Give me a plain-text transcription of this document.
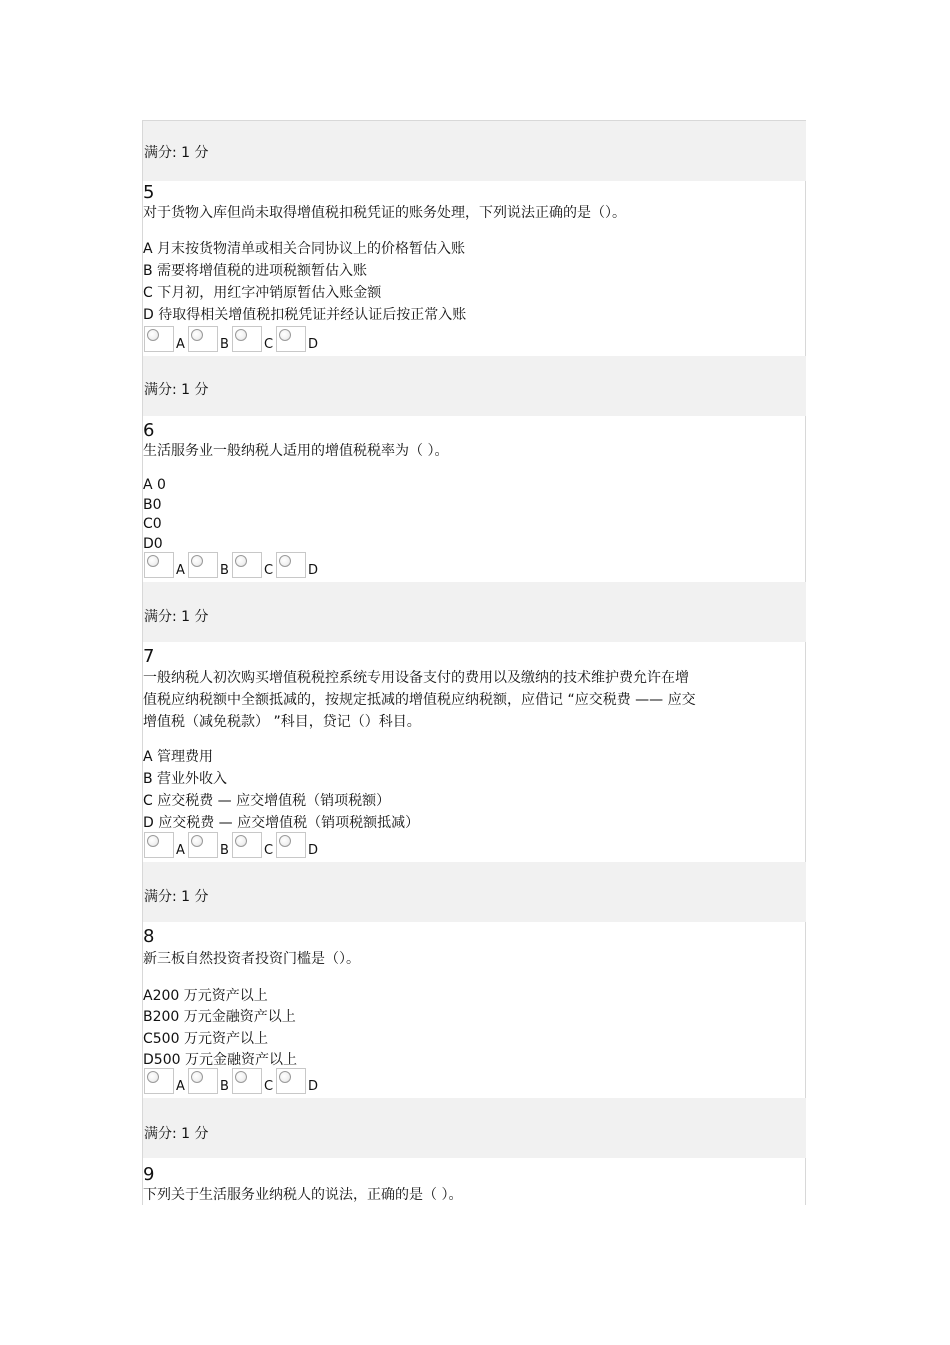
满分: 1 分
满分: 1 分
满分: 1 分
满分: 1 分
满分: 1 分
5
对于货物入库但尚未取得增值税扣税凭证的账务处理，下列说法正确的是（）。
A 月末按货物清单或相关合同协议上的价格暂估入账
B 需要将增值税的进项税额暂估入账
C 下月初，用红字冲销原暂估入账金额
D 待取得相关增值税扣税凭证并经认证后按正常入账
A	B	C	D
6
生活服务业一般纳税人适用的增值税税率为（ ）。
A 0
B0
C0
D0
A	B	C	D
7
一般纳税人初次购买增值税税控系统专用设备支付的费用以及缴纳的技术维护费允许在增
值税应纳税额中全额抵减的，按规定抵减的增值税应纳税额，应借记 “应交税费 —— 应交
增值税（减免税款） ”科目，贷记（）科目。
A 管理费用
B 营业外收入
C 应交税费 — 应交增值税（销项税额）
D 应交税费 — 应交增值税（销项税额抵减）
A	B	C	D
8
新三板自然投资者投资门槛是（）。
A200 万元资产以上
B200 万元金融资产以上
C500 万元资产以上
D500 万元金融资产以上
A	B	C	D
9
下列关于生活服务业纳税人的说法，正确的是（ ）。
